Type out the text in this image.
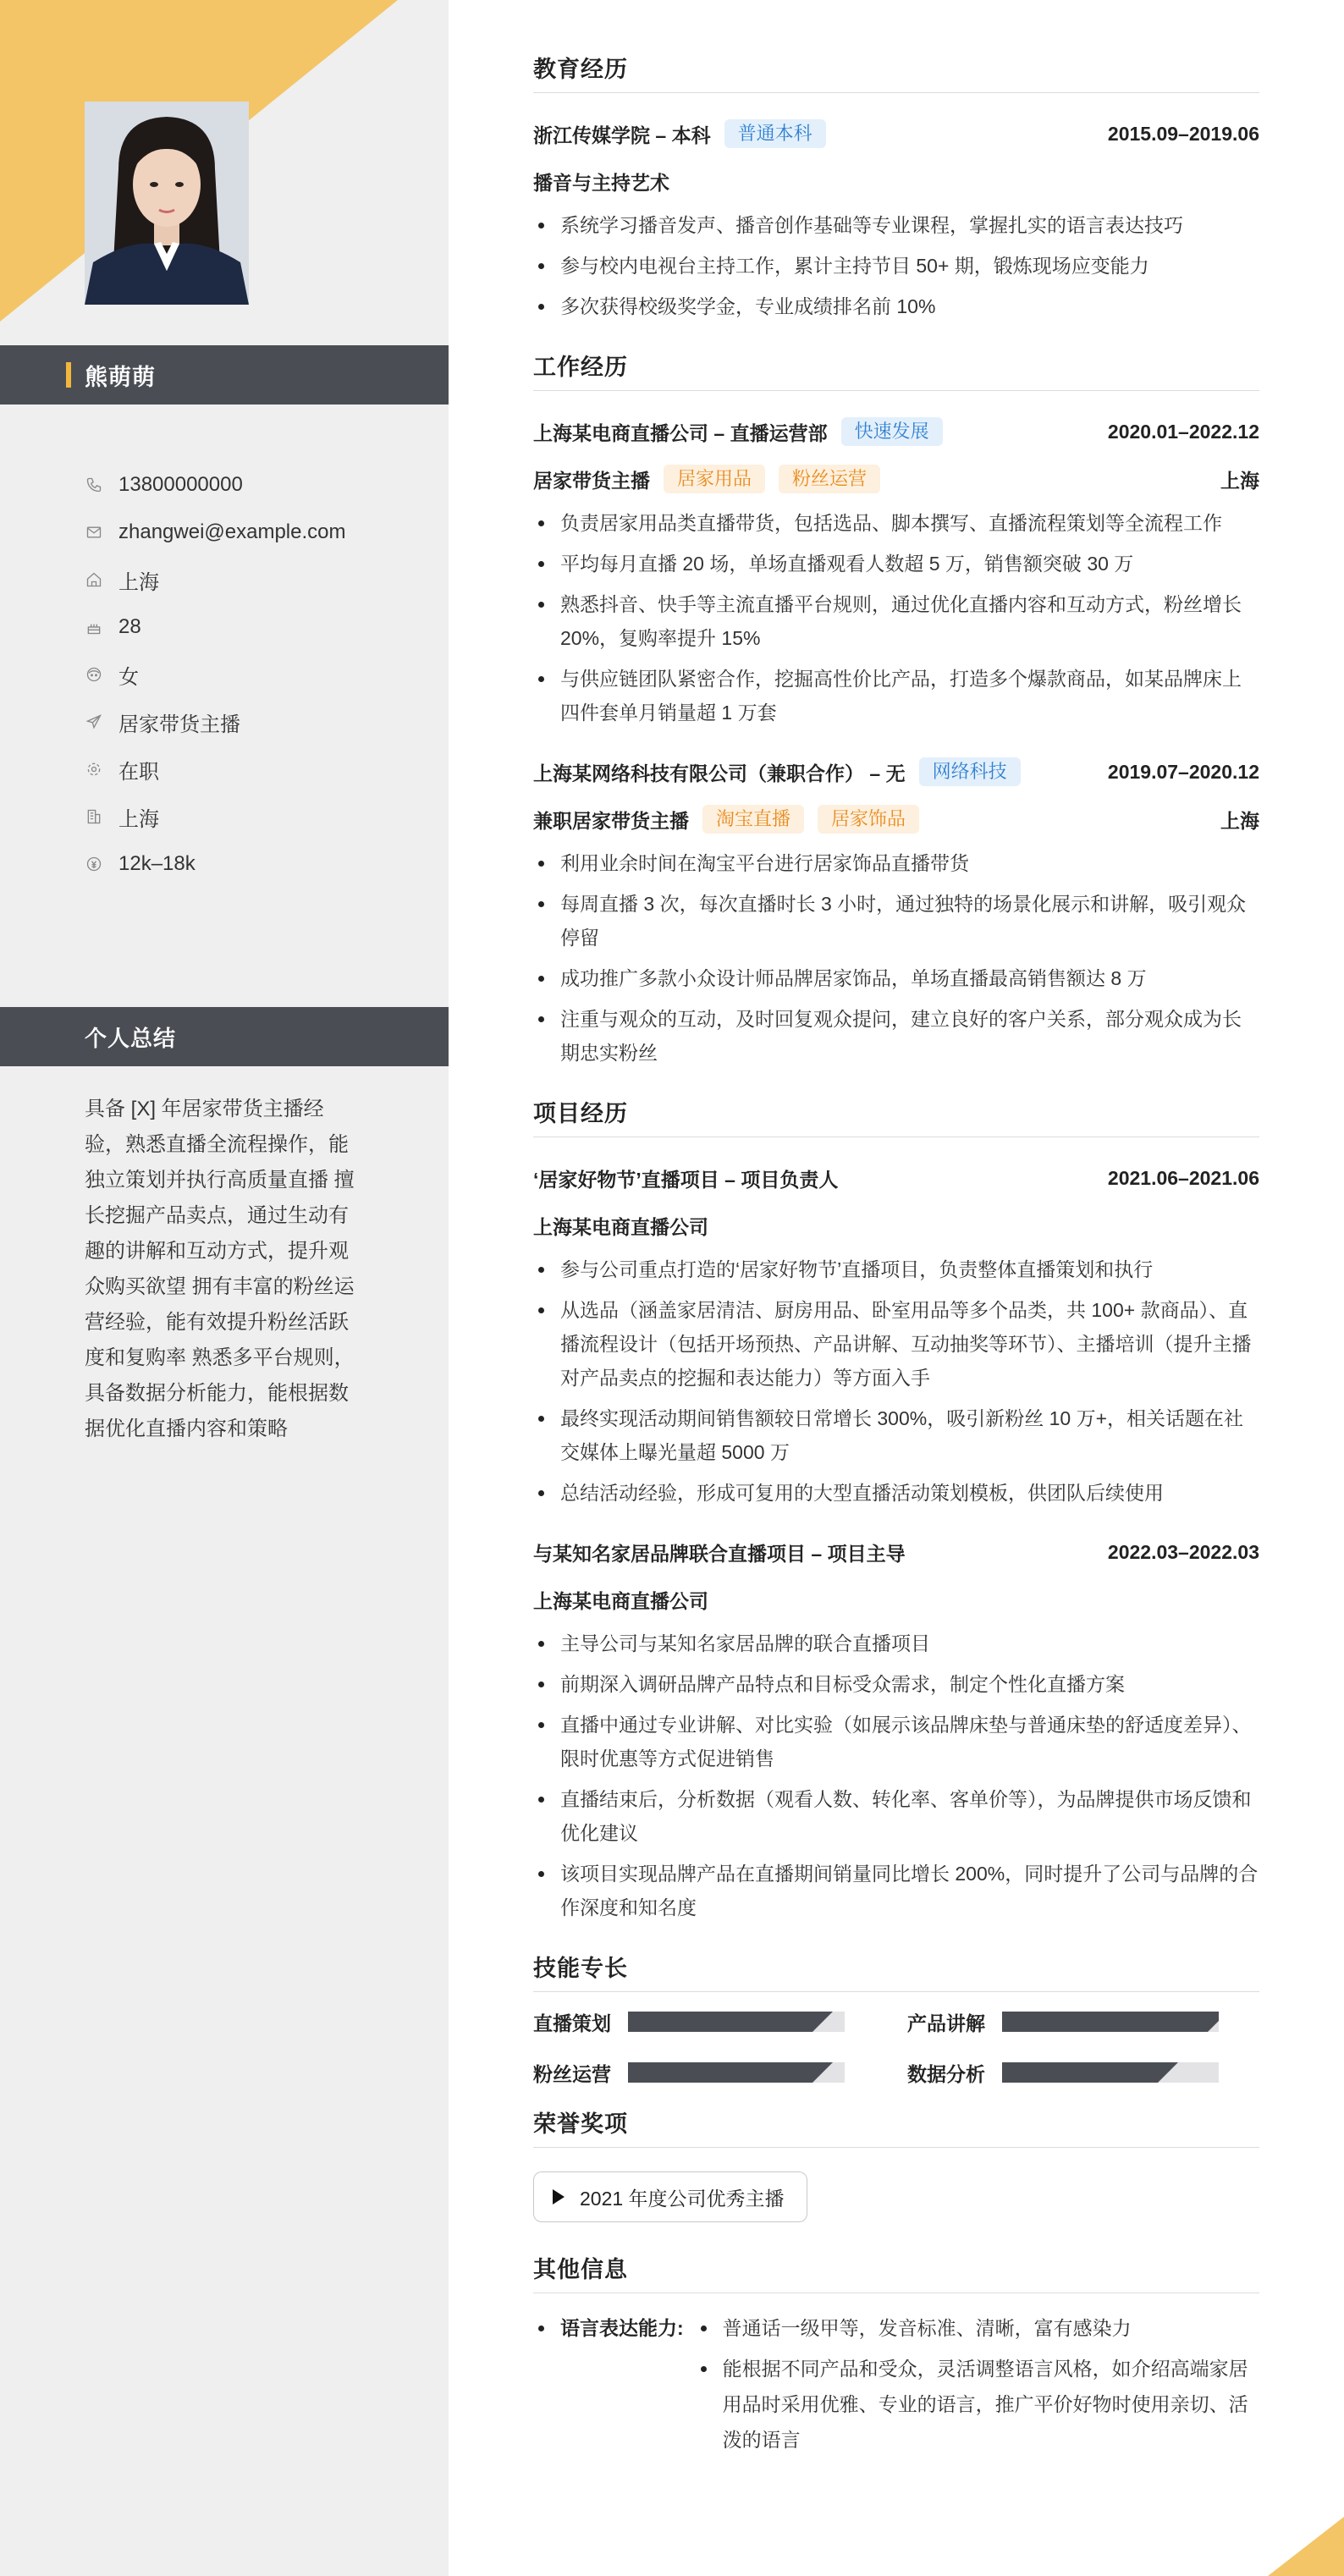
熊萌萌
13800000000
zhangwei@example.com
上海
28
女
居家带货主播
在职
上海
12k–18k
个人总结
具备 [X] 年居家带货主播经验，熟悉直播全流程操作，能独立策划并执行高质量直播 擅长挖掘产品卖点，通过生动有趣的讲解和互动方式，提升观众购买欲望 拥有丰富的粉丝运营经验，能有效提升粉丝活跃度和复购率 熟悉多平台规则，具备数据分析能力，能根据数据优化直播内容和策略
教育经历
浙江传媒学院 – 本科	普通本科	2015.09–2019.06
播音与主持艺术
系统学习播音发声、播音创作基础等专业课程，掌握扎实的语言表达技巧
参与校内电视台主持工作，累计主持节目 50+ 期，锻炼现场应变能力
多次获得校级奖学金，专业成绩排名前 10%
工作经历
上海某电商直播公司 – 直播运营部	快速发展	2020.01–2022.12
居家带货主播	居家用品	粉丝运营	上海
负责居家用品类直播带货，包括选品、脚本撰写、直播流程策划等全流程工作
平均每月直播 20 场，单场直播观看人数超 5 万，销售额突破 30 万
熟悉抖音、快手等主流直播平台规则，通过优化直播内容和互动方式，粉丝增长 20%，复购率提升 15%
与供应链团队紧密合作，挖掘高性价比产品，打造多个爆款商品，如某品牌床上四件套单月销量超 1 万套
上海某网络科技有限公司（兼职合作） – 无	网络科技	2019.07–2020.12
兼职居家带货主播	淘宝直播	居家饰品	上海
利用业余时间在淘宝平台进行居家饰品直播带货
每周直播 3 次，每次直播时长 3 小时，通过独特的场景化展示和讲解，吸引观众停留
成功推广多款小众设计师品牌居家饰品，单场直播最高销售额达 8 万
注重与观众的互动，及时回复观众提问，建立良好的客户关系，部分观众成为长期忠实粉丝
项目经历
‘居家好物节’直播项目 – 项目负责人	2021.06–2021.06
上海某电商直播公司
参与公司重点打造的‘居家好物节’直播项目，负责整体直播策划和执行
从选品（涵盖家居清洁、厨房用品、卧室用品等多个品类，共 100+ 款商品）、直播流程设计（包括开场预热、产品讲解、互动抽奖等环节）、主播培训（提升主播对产品卖点的挖掘和表达能力）等方面入手
最终实现活动期间销售额较日常增长 300%，吸引新粉丝 10 万+，相关话题在社交媒体上曝光量超 5000 万
总结活动经验，形成可复用的大型直播活动策划模板，供团队后续使用
与某知名家居品牌联合直播项目 – 项目主导	2022.03–2022.03
上海某电商直播公司
主导公司与某知名家居品牌的联合直播项目
前期深入调研品牌产品特点和目标受众需求，制定个性化直播方案
直播中通过专业讲解、对比实验（如展示该品牌床垫与普通床垫的舒适度差异）、限时优惠等方式促进销售
直播结束后，分析数据（观看人数、转化率、客单价等），为品牌提供市场反馈和优化建议
该项目实现品牌产品在直播期间销量同比增长 200%，同时提升了公司与品牌的合作深度和知名度
技能专长
直播策划	产品讲解
粉丝运营	数据分析
荣誉奖项
2021 年度公司优秀主播
其他信息
语言表达能力:	普通话一级甲等，发音标准、清晰，富有感染力
能根据不同产品和受众，灵活调整语言风格，如介绍高端家居用品时采用优雅、专业的语言，推广平价好物时使用亲切、活泼的语言
